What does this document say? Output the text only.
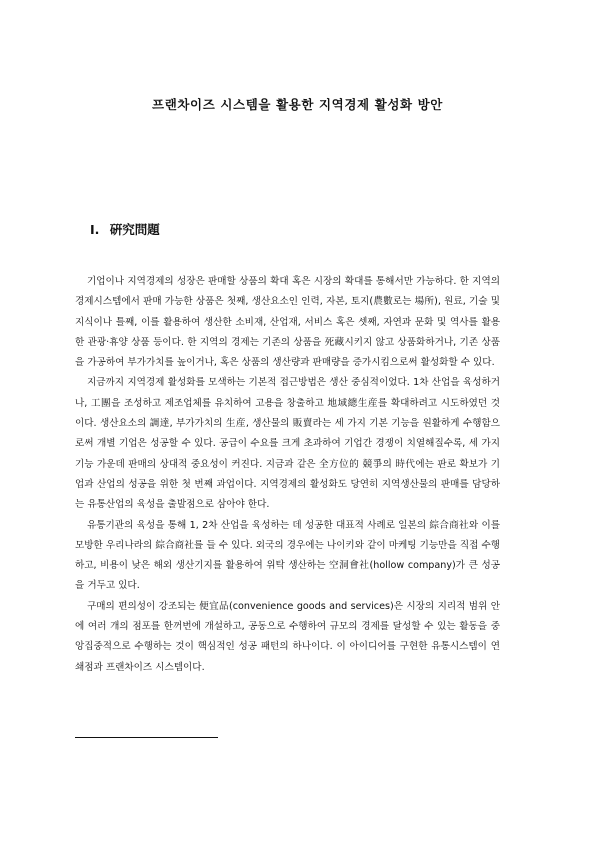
프랜차이즈 시스템을 활용한 지역경제 활성화 방안
Ⅰ. 硏究問題

기업이나 지역경제의 성장은 판매할 상품의 확대 혹은 시장의 확대를 통해서만 가능하다. 한 지역의 경제시스템에서 판매 가능한 상품은 첫째, 생산요소인 인력, 자본, 토지(農數로는 場所), 원료, 기술 및 지식이나 틀째, 이를 활용하여 생산한 소비재, 산업재, 서비스 혹은 셋째, 자연과 문화 및 역사를 활용한 관광·휴양 상품 등이다. 한 지역의 경제는 기존의 상품을 死藏시키지 않고 상품화하거나, 기존 상품을 가공하여 부가가치를 높이거나, 혹은 상품의 생산량과 판매량을 증가시킴으로써 활성화할 수 있다.

지금까지 지역경제 활성화를 모색하는 기본적 접근방법은 생산 중심적이었다. 1차 산업을 육성하거나, 工團을 조성하고 제조업체를 유치하여 고용을 창출하고 地域總生産를 확대하려고 시도하였던 것이다. 생산요소의 調達, 부가가치의 生産, 생산물의 販賣라는 세 가지 기본 기능을 원활하게 수행함으로써 개별 기업은 성공할 수 있다. 공급이 수요를 크게 초과하여 기업간 경쟁이 치열해질수록, 세 가지 기능 가운데 판매의 상대적 중요성이 커진다. 지금과 같은 全方位的 競爭의 時代에는 판로 확보가 기업과 산업의 성공을 위한 첫 번째 과업이다. 지역경제의 활성화도 당연히 지역생산물의 판매를 담당하는 유통산업의 육성을 출발점으로 삼아야 한다.

유통기관의 육성을 통해 1, 2차 산업을 육성하는 데 성공한 대표적 사례로 일본의 綜合商社와 이를 모방한 우리나라의 綜合商社를 들 수 있다. 외국의 경우에는 나이키와 같이 마케팅 기능만을 직접 수행하고, 비용이 낮은 해외 생산기지를 활용하여 위탁 생산하는 空洞會社(hollow company)가 큰 성공을 거두고 있다.

구매의 편의성이 강조되는 便宜品(convenience goods and services)은 시장의 지리적 범위 안에 여러 개의 점포를 한꺼번에 개설하고, 공동으로 수행하여 규모의 경제를 달성할 수 있는 활동을 중앙집중적으로 수행하는 것이 핵심적인 성공 패턴의 하나이다. 이 아이디어를 구현한 유통시스템이 연쇄점과 프랜차이즈 시스템이다.
